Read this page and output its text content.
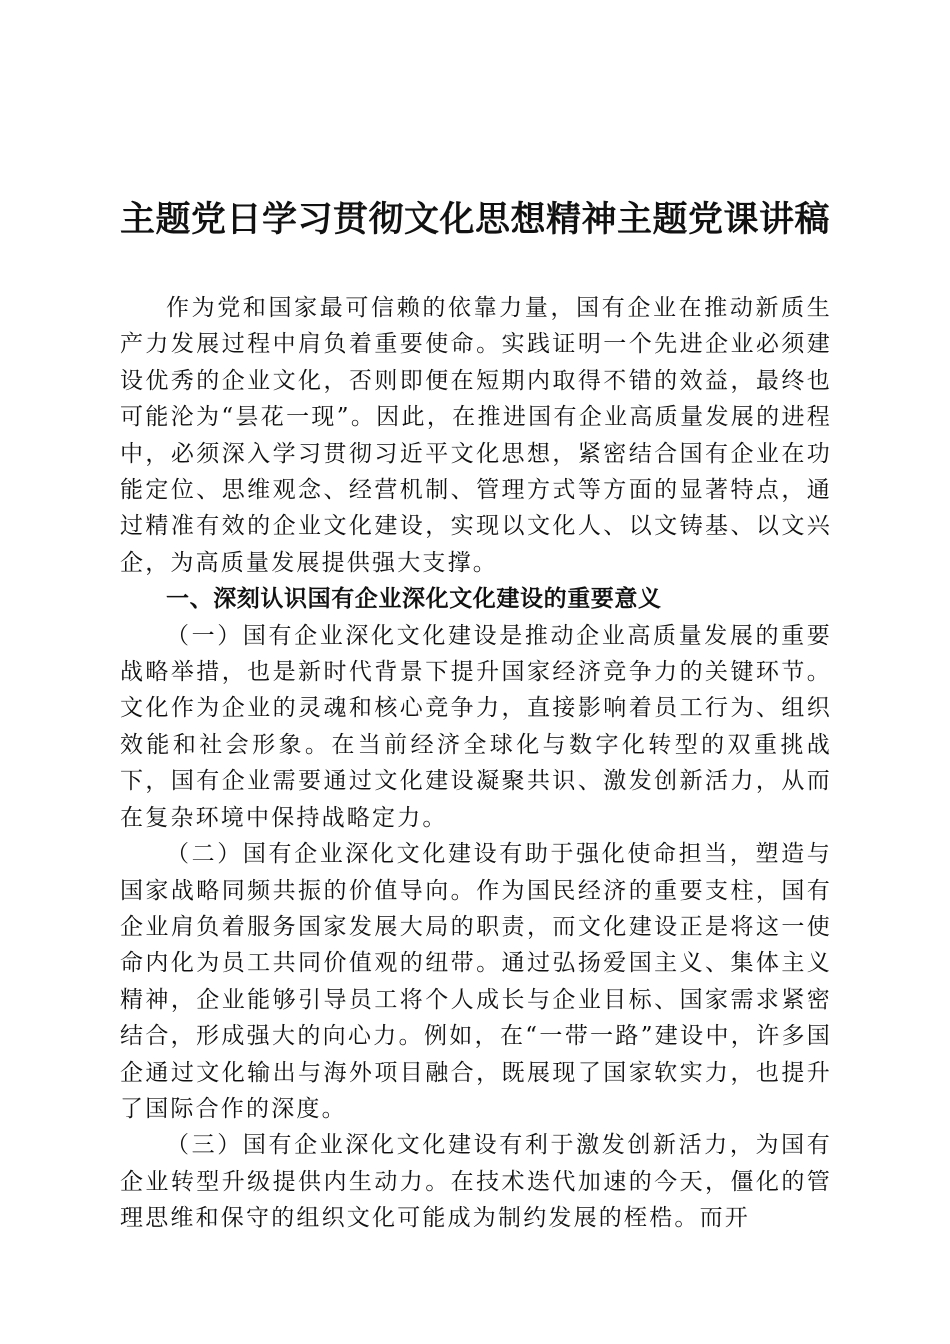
主题党日学习贯彻文化思想精神主题党课讲稿

作为党和国家最可信赖的依靠力量，国有企业在推动新质生产力发展过程中肩负着重要使命。实践证明一个先进企业必须建设优秀的企业文化，否则即便在短期内取得不错的效益，最终也可能沦为“昙花一现”。因此，在推进国有企业高质量发展的进程中，必须深入学习贯彻习近平文化思想，紧密结合国有企业在功能定位、思维观念、经营机制、管理方式等方面的显著特点，通过精准有效的企业文化建设，实现以文化人、以文铸基、以文兴企，为高质量发展提供强大支撑。

一、深刻认识国有企业深化文化建设的重要意义

（一）国有企业深化文化建设是推动企业高质量发展的重要战略举措，也是新时代背景下提升国家经济竞争力的关键环节。文化作为企业的灵魂和核心竞争力，直接影响着员工行为、组织效能和社会形象。在当前经济全球化与数字化转型的双重挑战下，国有企业需要通过文化建设凝聚共识、激发创新活力，从而在复杂环境中保持战略定力。

（二）国有企业深化文化建设有助于强化使命担当，塑造与国家战略同频共振的价值导向。作为国民经济的重要支柱，国有企业肩负着服务国家发展大局的职责，而文化建设正是将这一使命内化为员工共同价值观的纽带。通过弘扬爱国主义、集体主义精神，企业能够引导员工将个人成长与企业目标、国家需求紧密结合，形成强大的向心力。例如，在“一带一路”建设中，许多国企通过文化输出与海外项目融合，既展现了国家软实力，也提升了国际合作的深度。

（三）国有企业深化文化建设有利于激发创新活力，为国有企业转型升级提供内生动力。在技术迭代加速的今天，僵化的管理思维和保守的组织文化可能成为制约发展的桎梏。而开
